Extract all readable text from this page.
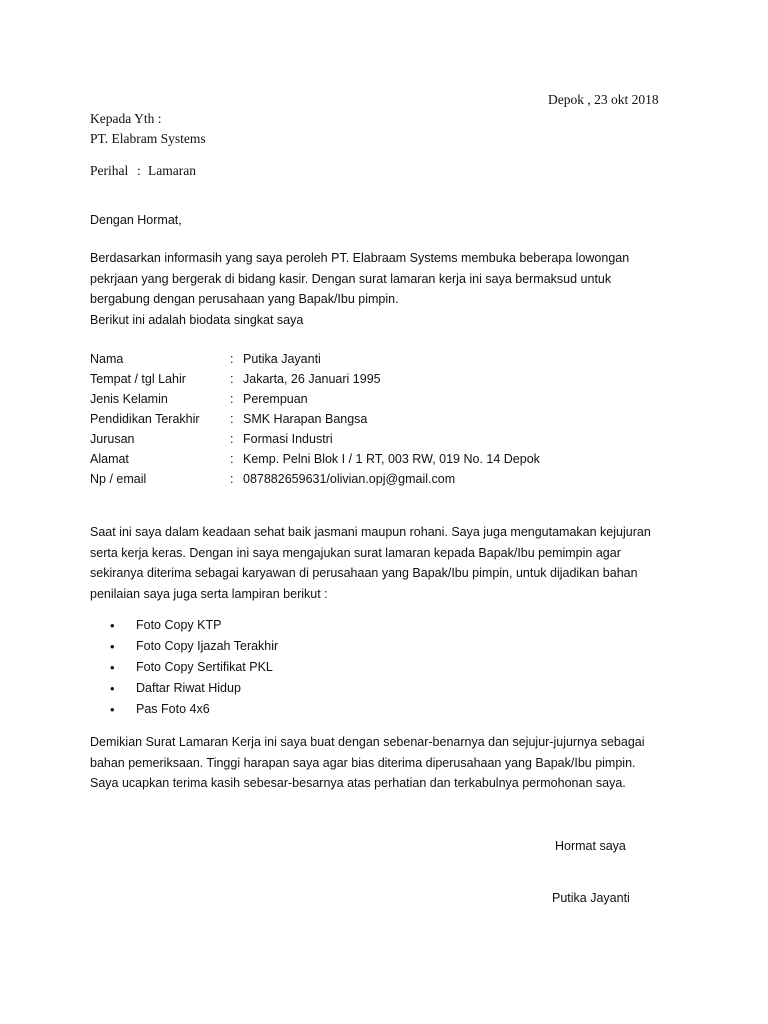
Depok , 23 okt 2018
Kepada Yth :
PT. Elabram Systems
Perihal : Lamaran
Dengan Hormat,
Berdasarkan informasih yang saya peroleh PT. Elabraam Systems membuka beberapa lowongan
pekrjaan yang bergerak di bidang kasir. Dengan surat lamaran kerja ini saya bermaksud untuk
bergabung dengan perusahaan yang Bapak/Ibu pimpin.
Berikut ini adalah biodata singkat saya
Nama	: Putika Jayanti
Tempat / tgl Lahir	: Jakarta, 26 Januari 1995
Jenis Kelamin	: Perempuan
Pendidikan Terakhir : SMK Harapan Bangsa
Jurusan	: Formasi Industri
Alamat	: Kemp. Pelni Blok I / 1 RT, 003 RW, 019 No. 14 Depok
Np / email	: 087882659631/olivian.opj@gmail.com
Saat ini saya dalam keadaan sehat baik jasmani maupun rohani. Saya juga mengutamakan kejujuran
serta kerja keras. Dengan ini saya mengajukan surat lamaran kepada Bapak/Ibu pemimpin agar
sekiranya diterima sebagai karyawan di perusahaan yang Bapak/Ibu pimpin, untuk dijadikan bahan
penilaian saya juga serta lampiran berikut :
• Foto Copy KTP
• Foto Copy Ijazah Terakhir
• Foto Copy Sertifikat PKL
• Daftar Riwat Hidup
• Pas Foto 4x6
Demikian Surat Lamaran Kerja ini saya buat dengan sebenar-benarnya dan sejujur-jujurnya sebagai
bahan pemeriksaan. Tinggi harapan saya agar bias diterima diperusahaan yang Bapak/Ibu pimpin.
Saya ucapkan terima kasih sebesar-besarnya atas perhatian dan terkabulnya permohonan saya.
Hormat saya
Putika Jayanti
